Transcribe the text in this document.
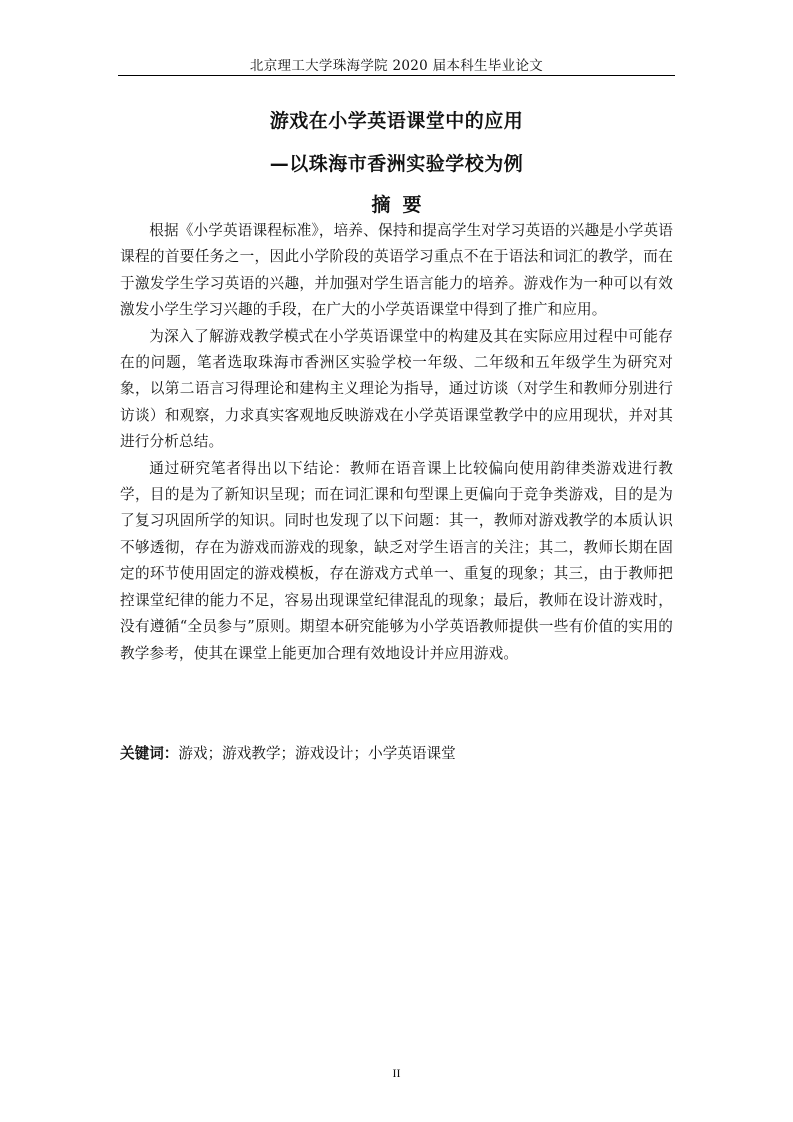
北京理工大学珠海学院 2020 届本科生毕业论文
游戏在小学英语课堂中的应用
—以珠海市香洲实验学校为例
摘要

根据《小学英语课程标准》，培养、保持和提高学生对学习英语的兴趣是小学英语课程的首要任务之一，因此小学阶段的英语学习重点不在于语法和词汇的教学，而在于激发学生学习英语的兴趣，并加强对学生语言能力的培养。游戏作为一种可以有效激发小学生学习兴趣的手段，在广大的小学英语课堂中得到了推广和应用。

为深入了解游戏教学模式在小学英语课堂中的构建及其在实际应用过程中可能存在的问题，笔者选取珠海市香洲区实验学校一年级、二年级和五年级学生为研究对象，以第二语言习得理论和建构主义理论为指导，通过访谈（对学生和教师分别进行访谈）和观察，力求真实客观地反映游戏在小学英语课堂教学中的应用现状，并对其进行分析总结。

通过研究笔者得出以下结论：教师在语音课上比较偏向使用韵律类游戏进行教学，目的是为了新知识呈现；而在词汇课和句型课上更偏向于竞争类游戏，目的是为了复习巩固所学的知识。同时也发现了以下问题：其一，教师对游戏教学的本质认识不够透彻，存在为游戏而游戏的现象，缺乏对学生语言的关注；其二，教师长期在固定的环节使用固定的游戏模板，存在游戏方式单一、重复的现象；其三，由于教师把控课堂纪律的能力不足，容易出现课堂纪律混乱的现象；最后，教师在设计游戏时，没有遵循“全员参与”原则。期望本研究能够为小学英语教师提供一些有价值的实用的教学参考，使其在课堂上能更加合理有效地设计并应用游戏。

关键词：游戏；游戏教学；游戏设计；小学英语课堂
II
